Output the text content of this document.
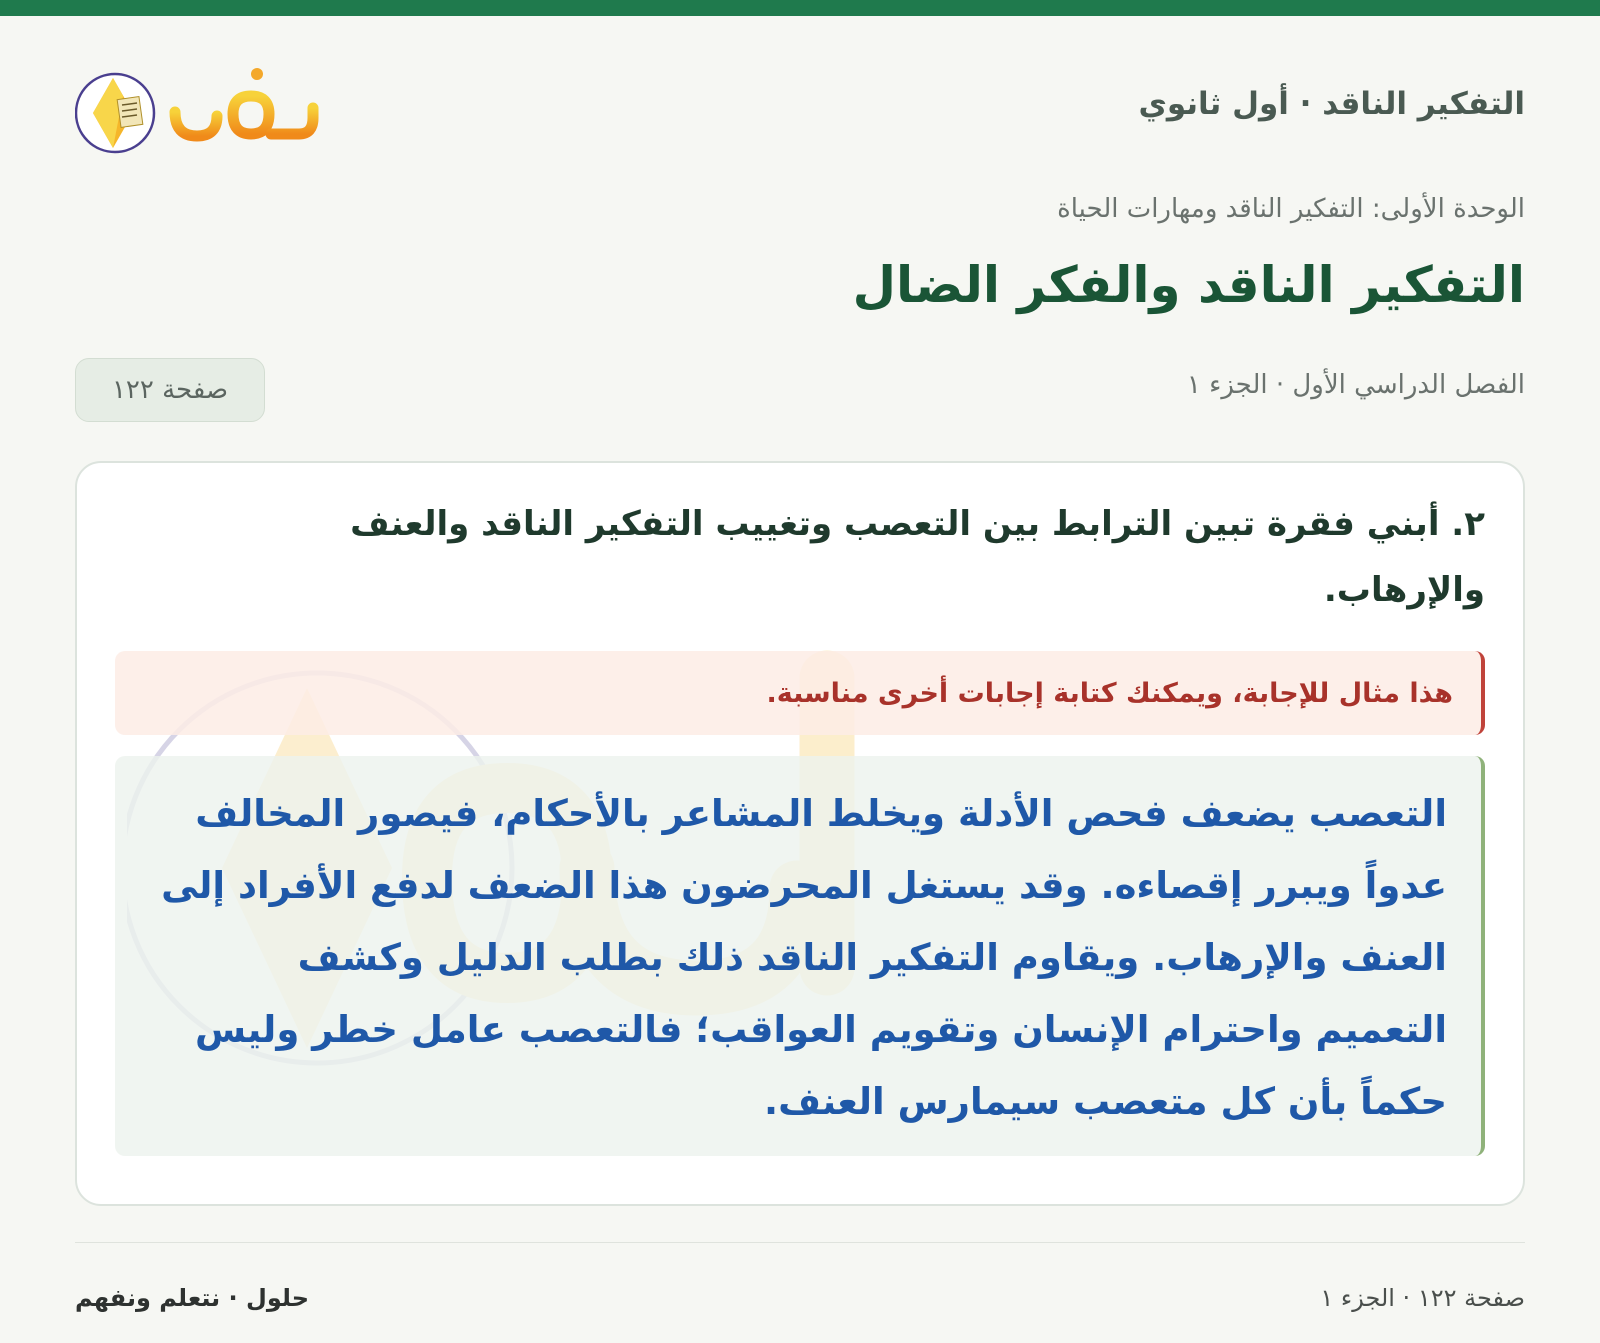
التفكير الناقد · أول ثانوي
الوحدة الأولى: التفكير الناقد ومهارات الحياة
التفكير الناقد والفكر الضال
الفصل الدراسي الأول · الجزء ١
صفحة ١٢٢
٢. أبني فقرة تبين الترابط بين التعصب وتغييب التفكير الناقد والعنف والإرهاب.
هذا مثال للإجابة، ويمكنك كتابة إجابات أخرى مناسبة.
التعصب يضعف فحص الأدلة ويخلط المشاعر بالأحكام، فيصور المخالف عدواً ويبرر إقصاءه. وقد يستغل المحرضون هذا الضعف لدفع الأفراد إلى العنف والإرهاب. ويقاوم التفكير الناقد ذلك بطلب الدليل وكشف التعميم واحترام الإنسان وتقويم العواقب؛ فالتعصب عامل خطر وليس حكماً بأن كل متعصب سيمارس العنف.
صفحة ١٢٢ · الجزء ١
حلول · نتعلم ونفهم
